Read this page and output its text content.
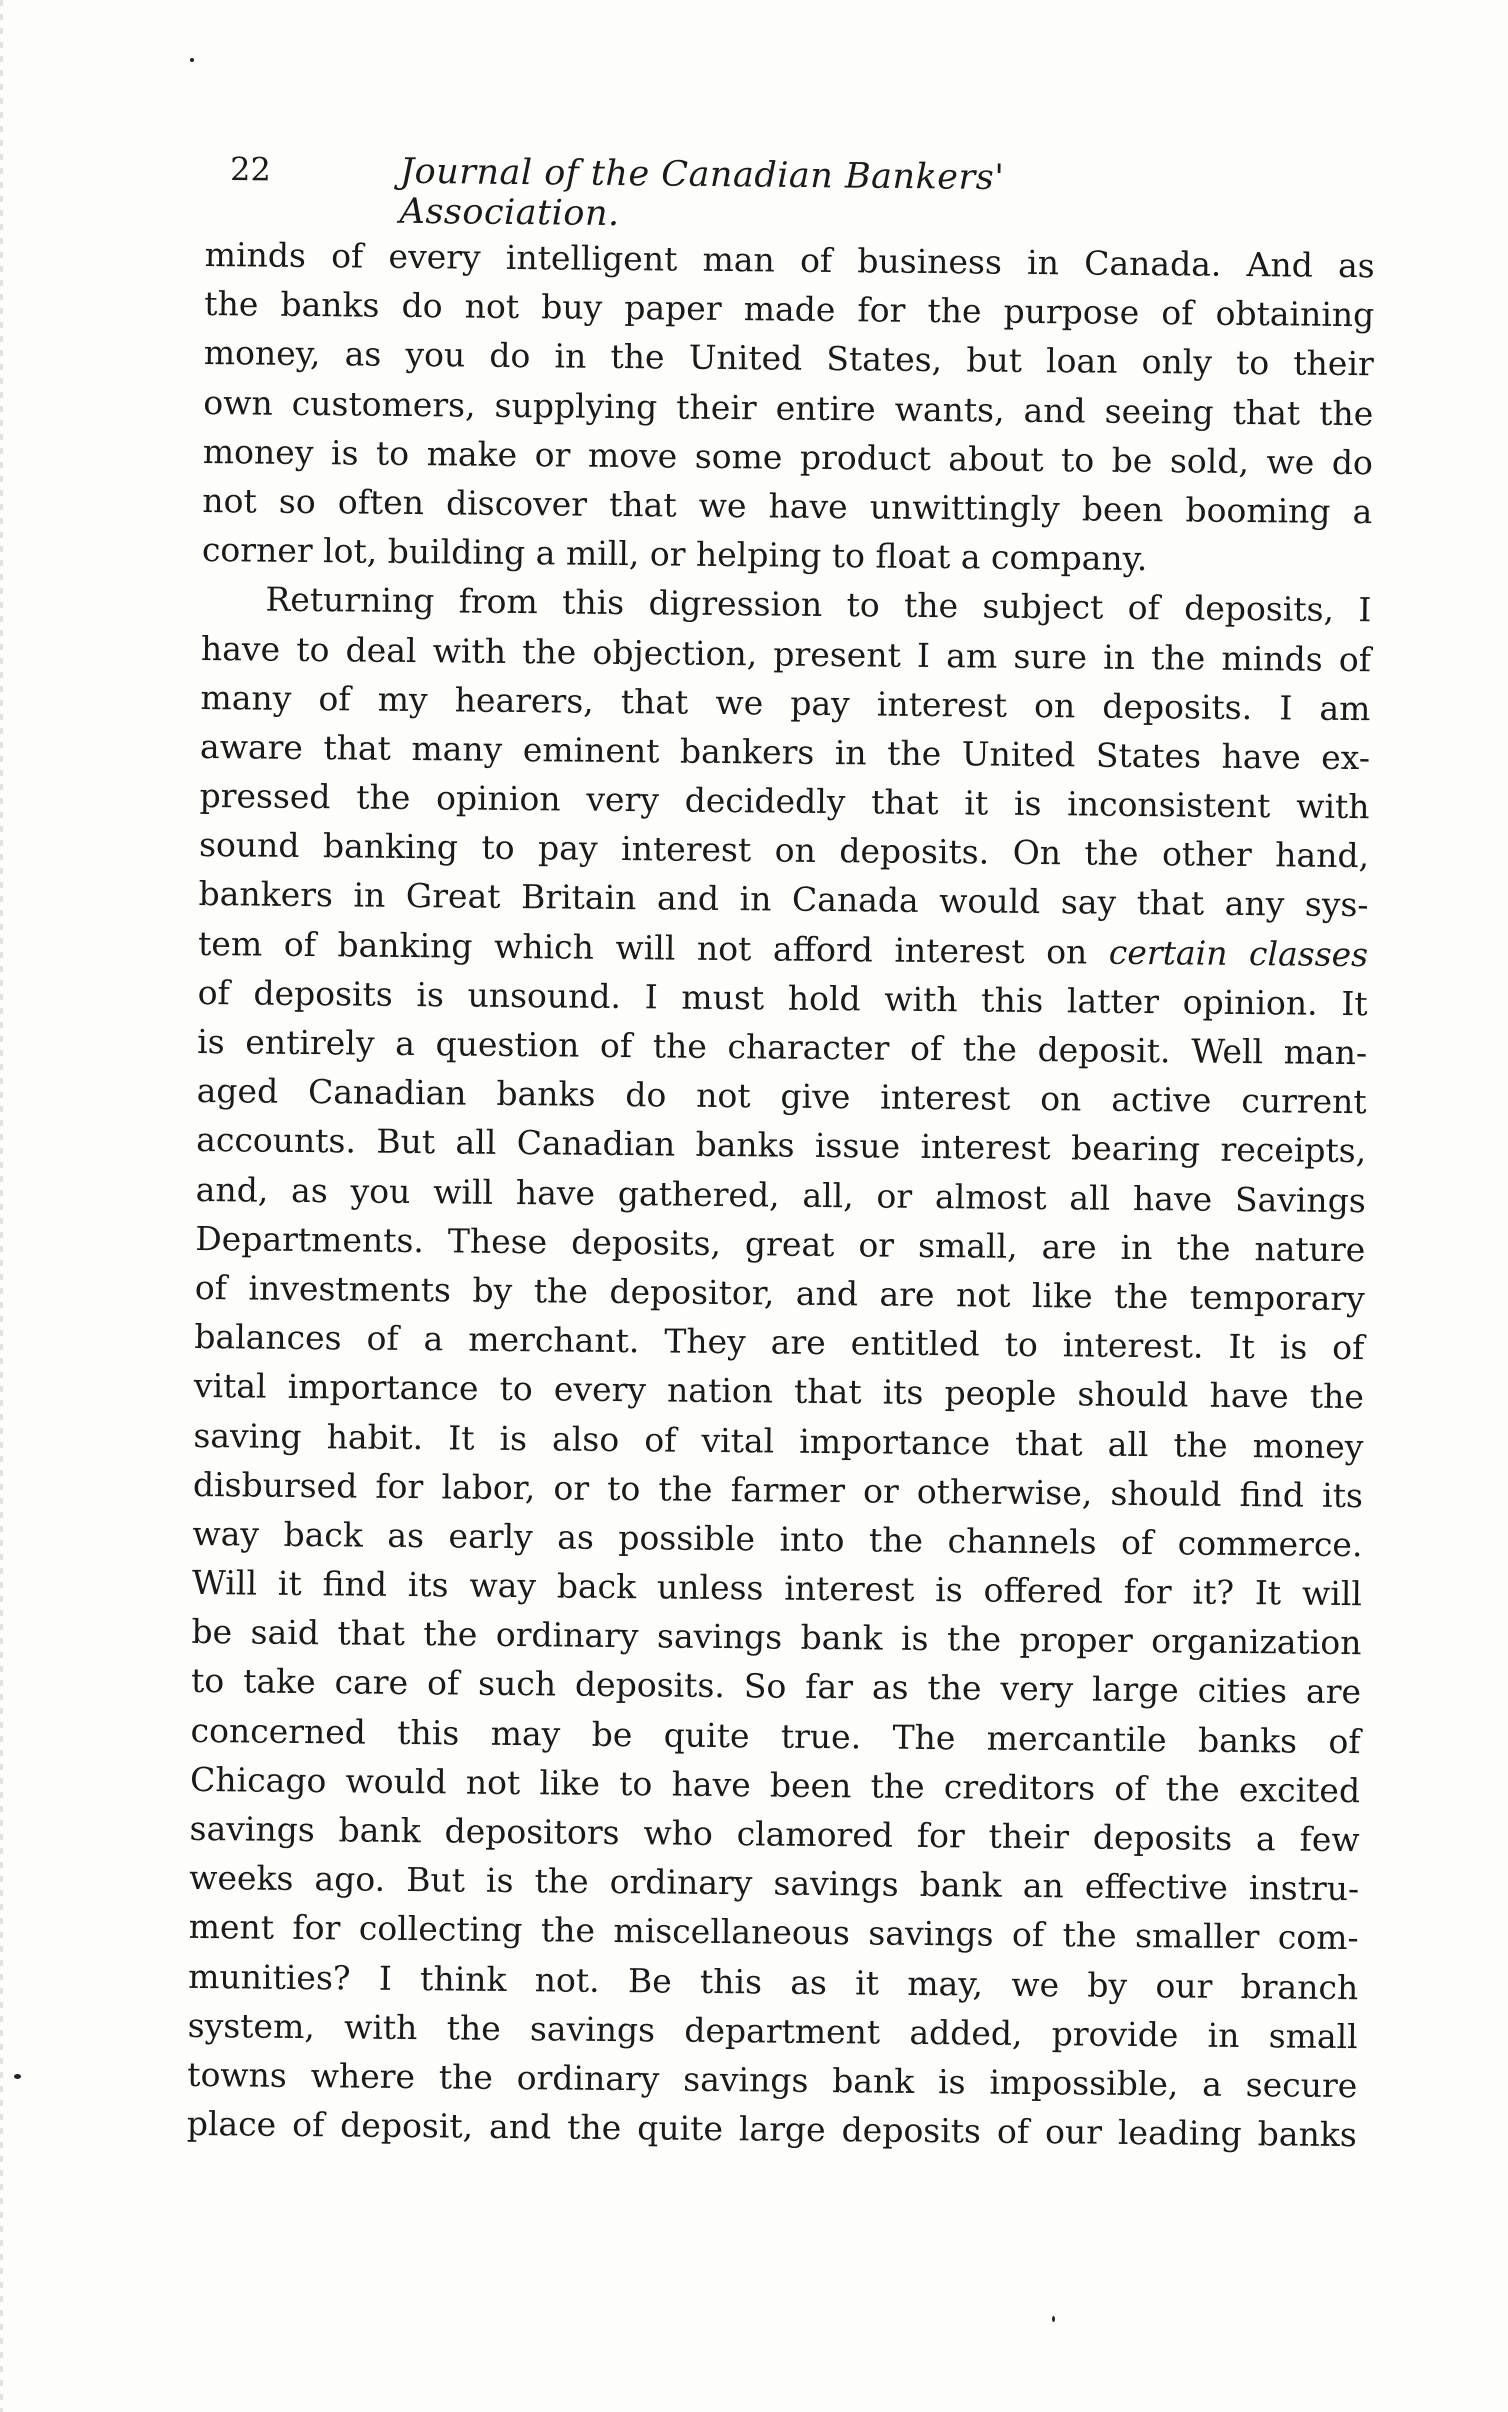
22	Journal of the Canadian Bankers' Association.
minds of every intelligent man of business in Canada. And as
the banks do not buy paper made for the purpose of obtaining
money, as you do in the United States, but loan only to their
own customers, supplying their entire wants, and seeing that the
money is to make or move some product about to be sold, we do
not so often discover that we have unwittingly been booming a
corner lot, building a mill, or helping to float a company.
Returning from this digression to the subject of deposits, I
have to deal with the objection, present I am sure in the minds of
many of my hearers, that we pay interest on deposits. I am
aware that many eminent bankers in the United States have ex-
pressed the opinion very decidedly that it is inconsistent with
sound banking to pay interest on deposits. On the other hand,
bankers in Great Britain and in Canada would say that any sys-
tem of banking which will not afford interest on certain classes
of deposits is unsound. I must hold with this latter opinion. It
is entirely a question of the character of the deposit. Well man-
aged Canadian banks do not give interest on active current
accounts. But all Canadian banks issue interest bearing receipts,
and, as you will have gathered, all, or almost all have Savings
Departments. These deposits, great or small, are in the nature
of investments by the depositor, and are not like the temporary
balances of a merchant. They are entitled to interest. It is of
vital importance to every nation that its people should have the
saving habit. It is also of vital importance that all the money
disbursed for labor, or to the farmer or otherwise, should find its
way back as early as possible into the channels of commerce.
Will it find its way back unless interest is offered for it? It will
be said that the ordinary savings bank is the proper organization
to take care of such deposits. So far as the very large cities are
concerned this may be quite true. The mercantile banks of
Chicago would not like to have been the creditors of the excited
savings bank depositors who clamored for their deposits a few
weeks ago. But is the ordinary savings bank an effective instru-
ment for collecting the miscellaneous savings of the smaller com-
munities? I think not. Be this as it may, we by our branch
system, with the savings department added, provide in small
towns where the ordinary savings bank is impossible, a secure
place of deposit, and the quite large deposits of our leading banks
